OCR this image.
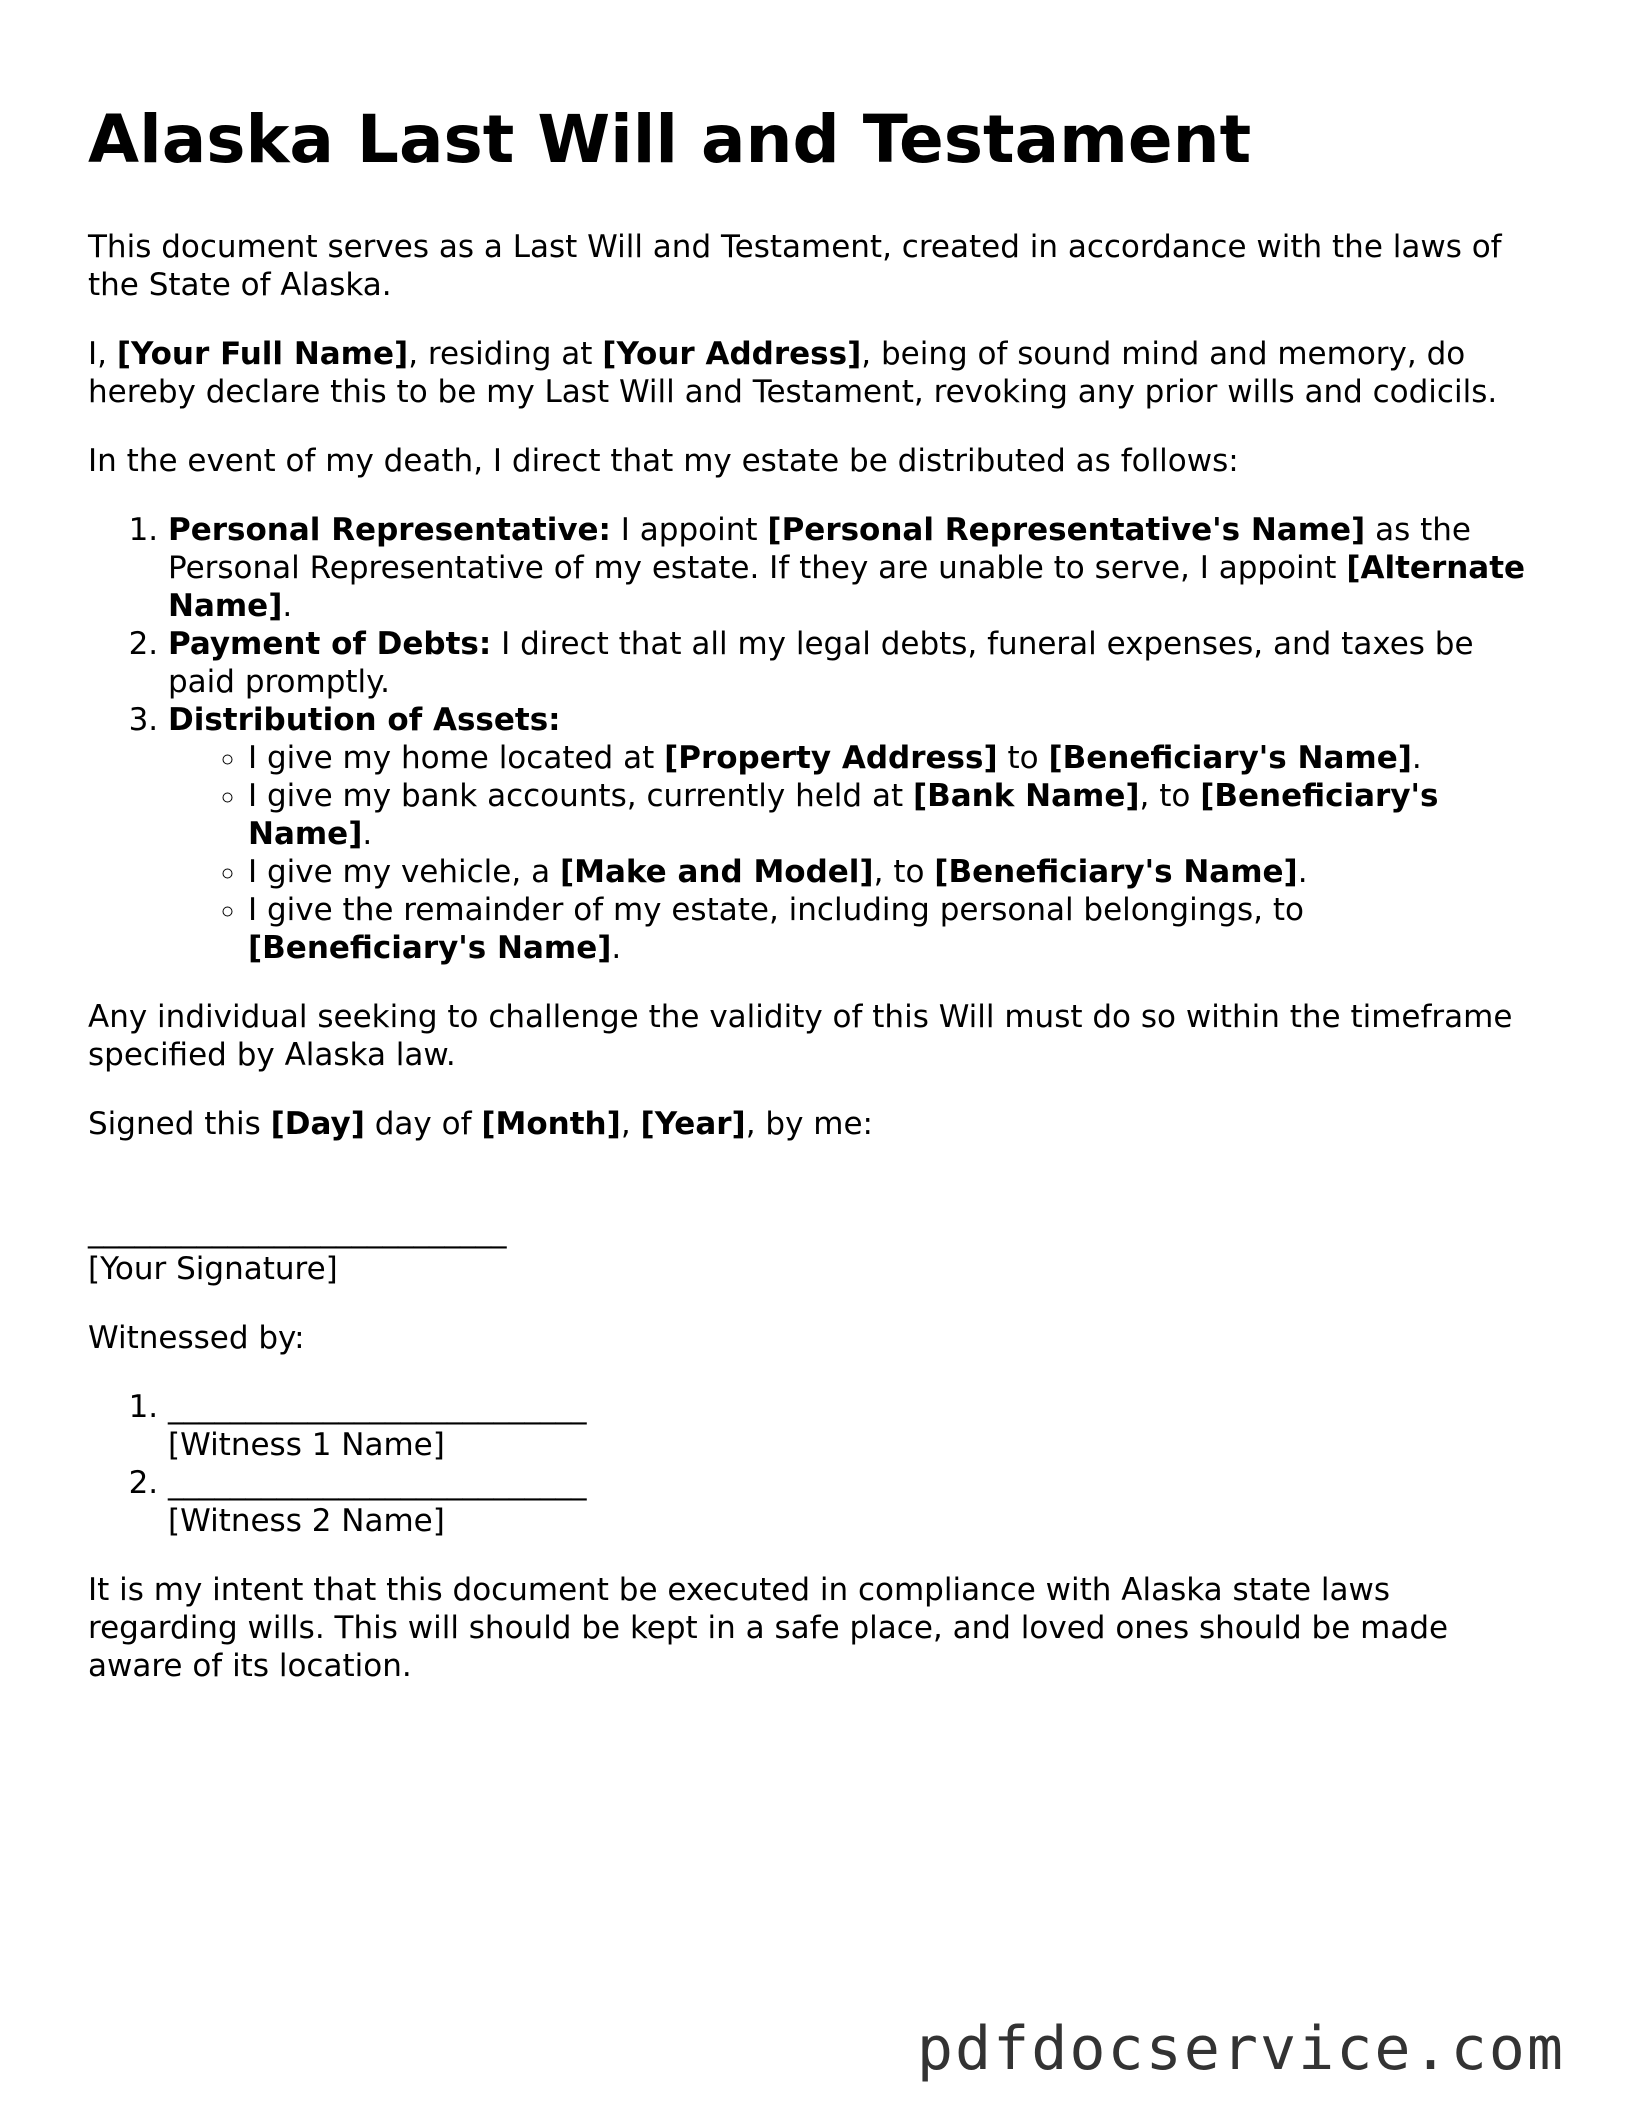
Alaska Last Will and Testament

This document serves as a Last Will and Testament, created in accordance with the laws of the State of Alaska.

I, [Your Full Name], residing at [Your Address], being of sound mind and memory, do hereby declare this to be my Last Will and Testament, revoking any prior wills and codicils.

In the event of my death, I direct that my estate be distributed as follows:

1. Personal Representative: I appoint [Personal Representative's Name] as the Personal Representative of my estate. If they are unable to serve, I appoint [Alternate Name].
2. Payment of Debts: I direct that all my legal debts, funeral expenses, and taxes be paid promptly.
3. Distribution of Assets:
◦ I give my home located at [Property Address] to [Beneficiary's Name].
◦ I give my bank accounts, currently held at [Bank Name], to [Beneficiary's Name].
◦ I give my vehicle, a [Make and Model], to [Beneficiary's Name].
◦ I give the remainder of my estate, including personal belongings, to [Beneficiary's Name].

Any individual seeking to challenge the validity of this Will must do so within the timeframe specified by Alaska law.

Signed this [Day] day of [Month], [Year], by me:

___________________________
[Your Signature]

Witnessed by:

1. ___________________________
[Witness 1 Name]
2. ___________________________
[Witness 2 Name]

It is my intent that this document be executed in compliance with Alaska state laws regarding wills. This will should be kept in a safe place, and loved ones should be made aware of its location.

pdfdocservice.com
